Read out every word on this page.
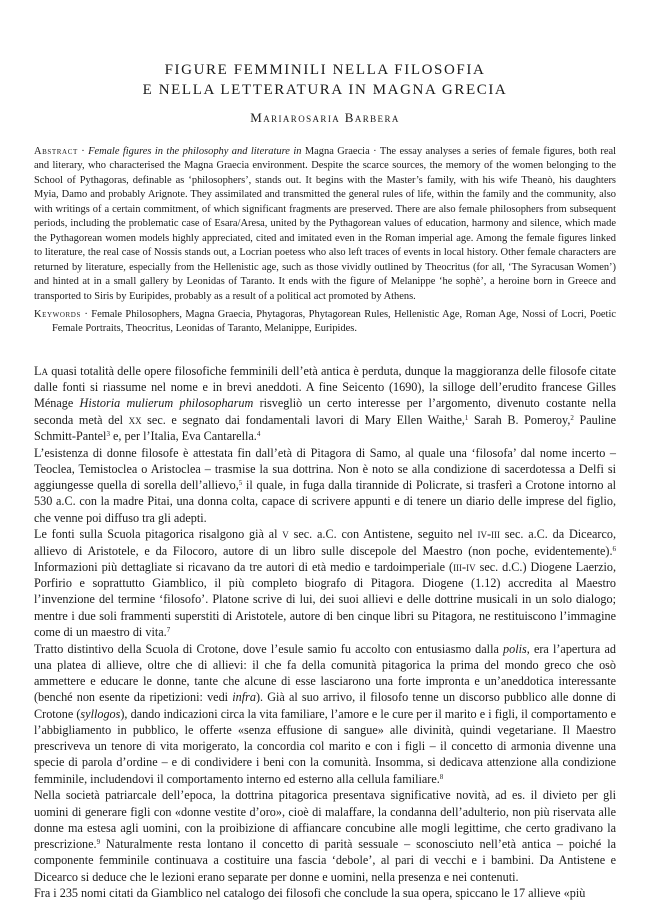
FIGURE FEMMINILI NELLA FILOSOFIA
E NELLA LETTERATURA IN MAGNA GRECIA
Mariarosaria Barbera
Abstract · Female figures in the philosophy and literature in Magna Graecia · The essay analyses a series of female figures, both real and literary, who characterised the Magna Graecia environment. Despite the scarce sources, the memory of the women belonging to the School of Pythagoras, definable as ‘philosophers’, stands out. It begins with the Master’s family, with his wife Theanò, his daughters Myia, Damo and probably Arignote. They assimilated and transmitted the general rules of life, within the family and the community, also with writings of a certain commitment, of which significant fragments are preserved. There are also female philosophers from subsequent periods, including the problematic case of Esara/Aresa, united by the Pythagorean values of education, harmony and silence, which made the Pythagorean women models highly appreciated, cited and imitated even in the Roman imperial age. Among the female figures linked to literature, the real case of Nossis stands out, a Locrian poetess who also left traces of events in local history. Other female characters are returned by literature, especially from the Hellenistic age, such as those vividly outlined by Theocritus (for all, ‘The Syracusan Women’) and hinted at in a small gallery by Leonidas of Taranto. It ends with the figure of Melanippe ‘he sophè’, a heroine born in Greece and transported to Siris by Euripides, probably as a result of a political act promoted by Athens.
Keywords · Female Philosophers, Magna Graecia, Phytagoras, Phytagorean Rules, Hellenistic Age, Roman Age, Nossi of Locri, Poetic Female Portraits, Theocritus, Leonidas of Taranto, Melanippe, Euripides.

La quasi totalità delle opere filosofiche femminili dell’età antica è perduta, dunque la maggioranza delle filosofe citate dalle fonti si riassume nel nome e in brevi aneddoti. A fine Seicento (1690), la silloge dell’erudito francese Gilles Ménage Historia mulierum philosopharum risvegliò un certo interesse per l’argomento, divenuto costante nella seconda metà del xx sec. e segnato dai fondamentali lavori di Mary Ellen Waithe,$^1$ Sarah B. Pomeroy,$^2$ Pauline Schmitt-Pantel$^3$ e, per l’Italia, Eva Cantarella.$^4$

L’esistenza di donne filosofe è attestata fin dall’età di Pitagora di Samo, al quale una ‘filosofa’ dal nome incerto – Teoclea, Temistoclea o Aristoclea – trasmise la sua dottrina. Non è noto se alla condizione di sacerdotessa a Delfi si aggiungesse quella di sorella dell’allievo,$^5$ il quale, in fuga dalla tirannide di Policrate, si trasferì a Crotone intorno al 530 a.C. con la madre Pitai, una donna colta, capace di scrivere appunti e di tenere un diario delle imprese del figlio, che venne poi diffuso tra gli adepti.

Le fonti sulla Scuola pitagorica risalgono già al v sec. a.C. con Antistene, seguito nel iv-iii sec. a.C. da Dicearco, allievo di Aristotele, e da Filocoro, autore di un libro sulle discepole del Maestro (non poche, evidentemente).$^6$ Informazioni più dettagliate si ricavano da tre autori di età medio e tardoimperiale (iii-iv sec. d.C.) Diogene Laerzio, Porfirio e soprattutto Giamblico, il più completo biografo di Pitagora. Diogene (1.12) accredita al Maestro l’invenzione del termine ‘filosofo’. Platone scrive di lui, dei suoi allievi e delle dottrine musicali in un solo dialogo; mentre i due soli frammenti superstiti di Aristotele, autore di ben cinque libri su Pitagora, ne restituiscono l’immagine come di un maestro di vita.$^7$

Tratto distintivo della Scuola di Crotone, dove l’esule samio fu accolto con entusiasmo dalla polis, era l’apertura ad una platea di allieve, oltre che di allievi: il che fa della comunità pitagorica la prima del mondo greco che osò ammettere e educare le donne, tante che alcune di esse lasciarono una forte impronta e un’aneddotica interessante (benché non esente da ripetizioni: vedi infra). Già al suo arrivo, il filosofo tenne un discorso pubblico alle donne di Crotone (syllogos), dando indicazioni circa la vita familiare, l’amore e le cure per il marito e i figli, il comportamento e l’abbigliamento in pubblico, le offerte «senza effusione di sangue» alle divinità, quindi vegetariane. Il Maestro prescriveva un tenore di vita morigerato, la concordia col marito e con i figli – il concetto di armonia divenne una specie di parola d’ordine – e di condividere i beni con la comunità. Insomma, si dedicava attenzione alla condizione femminile, includendovi il comportamento interno ed esterno alla cellula familiare.$^8$

Nella società patriarcale dell’epoca, la dottrina pitagorica presentava significative novità, ad es. il divieto per gli uomini di generare figli con «donne vestite d’oro», cioè di malaffare, la condanna dell’adulterio, non più riservata alle donne ma estesa agli uomini, con la proibizione di affiancare concubine alle mogli legittime, che certo gradivano la prescrizione.$^9$ Naturalmente resta lontano il concetto di parità sessuale – sconosciuto nell’età antica – poiché la componente femminile continuava a costituire una fascia ‘debole’, al pari di vecchi e i bambini. Da Antistene e Dicearco si deduce che le lezioni erano separate per donne e uomini, nella presenza e nei contenuti.

Fra i 235 nomi citati da Giamblico nel catalogo dei filosofi che conclude la sua opera, spiccano le 17 allieve «più
